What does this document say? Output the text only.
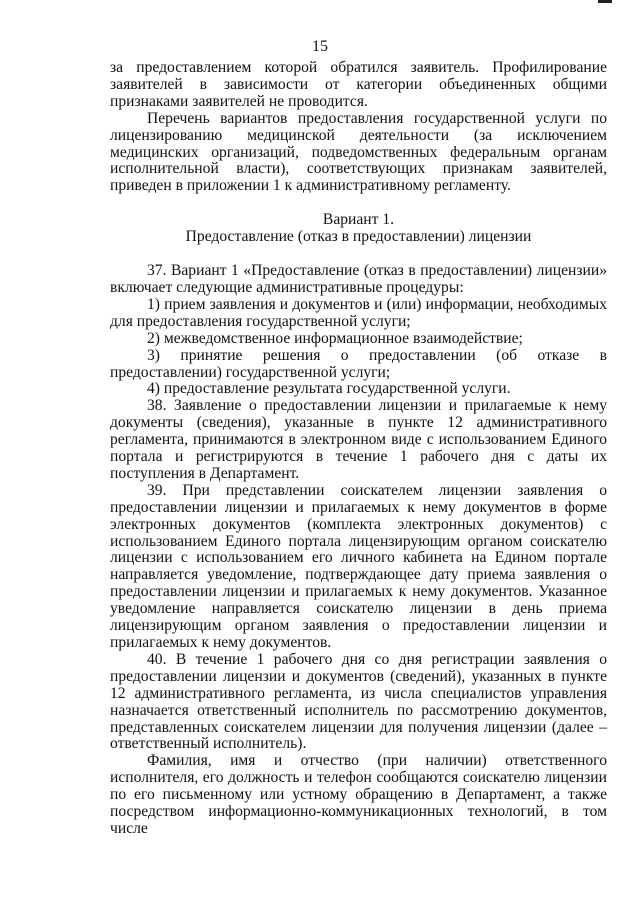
15

за предоставлением которой обратился заявитель. Профилирование заявителей в зависимости от категории объединенных общими признаками заявителей не проводится.

Перечень вариантов предоставления государственной услуги по лицензированию медицинской деятельности (за исключением медицинских организаций, подведомственных федеральным органам исполнительной власти), соответствующих признакам заявителей, приведен в приложении 1 к административному регламенту.

Вариант 1.

Предоставление (отказ в предоставлении) лицензии

37. Вариант 1 «Предоставление (отказ в предоставлении) лицензии» включает следующие административные процедуры:

1) прием заявления и документов и (или) информации, необходимых для предоставления государственной услуги;

2) межведомственное информационное взаимодействие;

3) принятие решения о предоставлении (об отказе в предоставлении) государственной услуги;

4) предоставление результата государственной услуги.

38. Заявление о предоставлении лицензии и прилагаемые к нему документы (сведения), указанные в пункте 12 административного регламента, принимаются в электронном виде с использованием Единого портала и регистрируются в течение 1 рабочего дня с даты их поступления в Департамент.

39. При представлении соискателем лицензии заявления о предоставлении лицензии и прилагаемых к нему документов в форме электронных документов (комплекта электронных документов) с использованием Единого портала лицензирующим органом соискателю лицензии с использованием его личного кабинета на Едином портале направляется уведомление, подтверждающее дату приема заявления о предоставлении лицензии и прилагаемых к нему документов. Указанное уведомление направляется соискателю лицензии в день приема лицензирующим органом заявления о предоставлении лицензии и прилагаемых к нему документов.

40. В течение 1 рабочего дня со дня регистрации заявления о предоставлении лицензии и документов (сведений), указанных в пункте 12 административного регламента, из числа специалистов управления назначается ответственный исполнитель по рассмотрению документов, представленных соискателем лицензии для получения лицензии (далее – ответственный исполнитель).

Фамилия, имя и отчество (при наличии) ответственного исполнителя, его должность и телефон сообщаются соискателю лицензии по его письменному или устному обращению в Департамент, а также посредством информационно-коммуникационных технологий, в том числе
